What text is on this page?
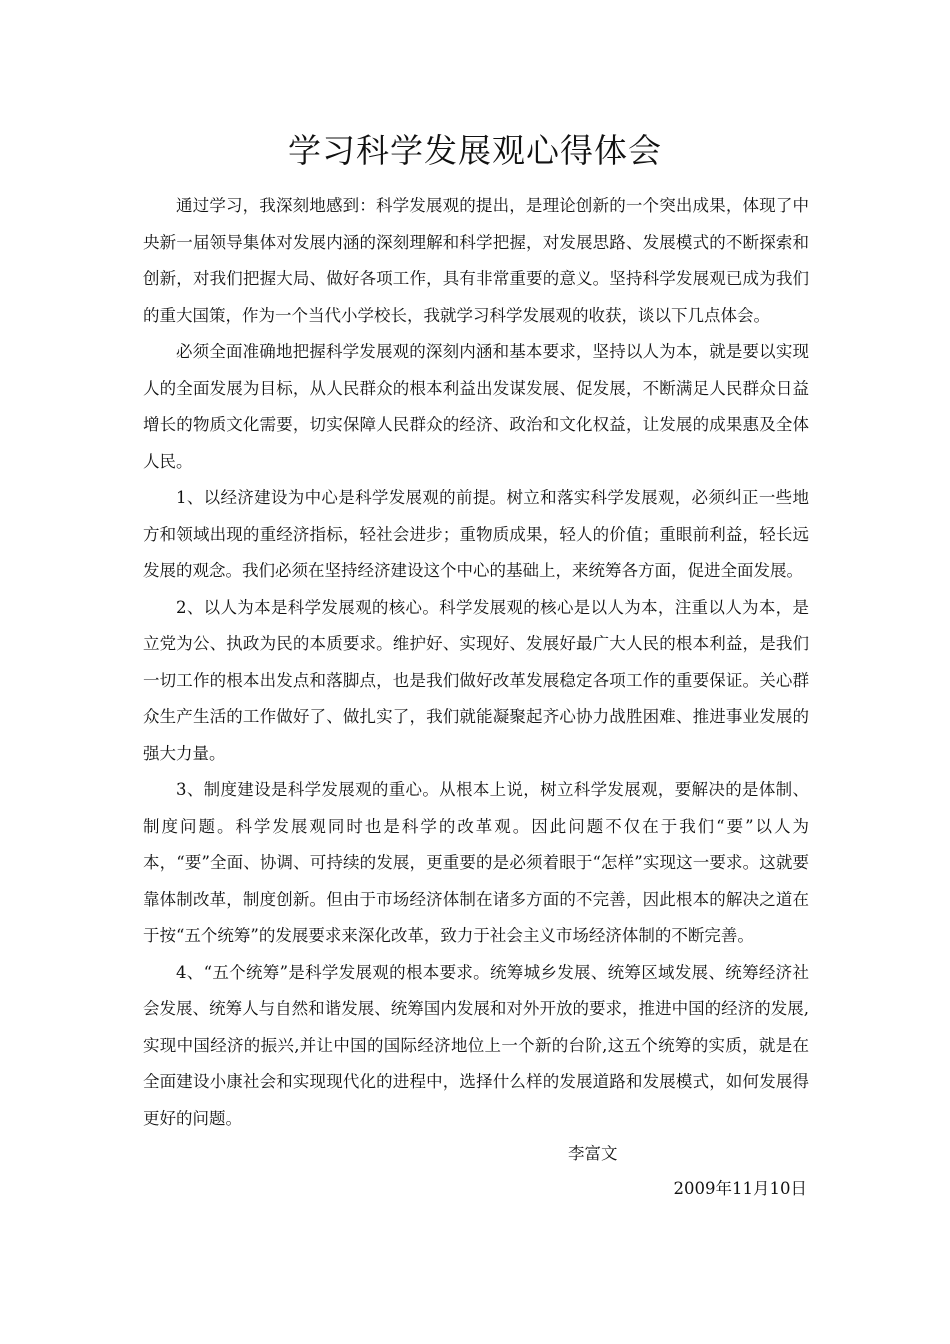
学习科学发展观心得体会

通过学习，我深刻地感到：科学发展观的提出，是理论创新的一个突出成果，体现了中央新一届领导集体对发展内涵的深刻理解和科学把握，对发展思路、发展模式的不断探索和创新，对我们把握大局、做好各项工作，具有非常重要的意义。坚持科学发展观已成为我们的重大国策，作为一个当代小学校长，我就学习科学发展观的收获，谈以下几点体会。

必须全面准确地把握科学发展观的深刻内涵和基本要求，坚持以人为本，就是要以实现人的全面发展为目标，从人民群众的根本利益出发谋发展、促发展，不断满足人民群众日益增长的物质文化需要，切实保障人民群众的经济、政治和文化权益，让发展的成果惠及全体人民。

1、以经济建设为中心是科学发展观的前提。树立和落实科学发展观，必须纠正一些地方和领域出现的重经济指标，轻社会进步；重物质成果，轻人的价值；重眼前利益，轻长远发展的观念。我们必须在坚持经济建设这个中心的基础上，来统筹各方面，促进全面发展。

2、以人为本是科学发展观的核心。科学发展观的核心是以人为本，注重以人为本，是立党为公、执政为民的本质要求。维护好、实现好、发展好最广大人民的根本利益，是我们一切工作的根本出发点和落脚点，也是我们做好改革发展稳定各项工作的重要保证。关心群众生产生活的工作做好了、做扎实了，我们就能凝聚起齐心协力战胜困难、推进事业发展的强大力量。

3、制度建设是科学发展观的重心。从根本上说，树立科学发展观，要解决的是体制、制度问题。科学发展观同时也是科学的改革观。因此问题不仅在于我们“要”以人为本，“要”全面、协调、可持续的发展，更重要的是必须着眼于“怎样”实现这一要求。这就要靠体制改革，制度创新。但由于市场经济体制在诸多方面的不完善，因此根本的解决之道在于按“五个统筹”的发展要求来深化改革，致力于社会主义市场经济体制的不断完善。

4、“五个统筹”是科学发展观的根本要求。统筹城乡发展、统筹区域发展、统筹经济社会发展、统筹人与自然和谐发展、统筹国内发展和对外开放的要求，推进中国的经济的发展,实现中国经济的振兴,并让中国的国际经济地位上一个新的台阶,这五个统筹的实质，就是在全面建设小康社会和实现现代化的进程中，选择什么样的发展道路和发展模式，如何发展得更好的问题。

李富文

2009年11月10日
